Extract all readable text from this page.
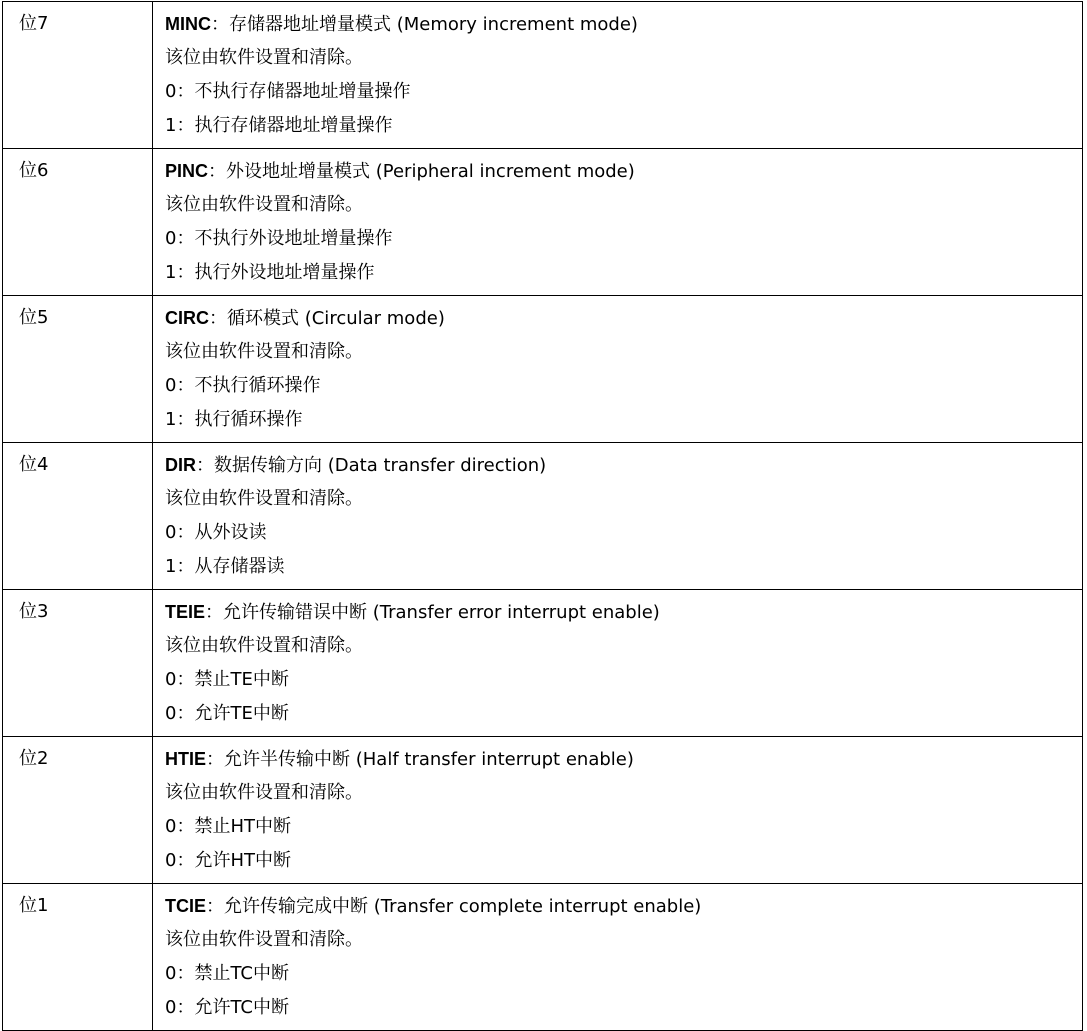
位7	MINC：存储器地址增量模式 (Memory increment mode)
该位由软件设置和清除。
0：不执行存储器地址增量操作
1：执行存储器地址增量操作

位6	PINC：外设地址增量模式 (Peripheral increment mode)
该位由软件设置和清除。
0：不执行外设地址增量操作
1：执行外设地址增量操作

位5	CIRC：循环模式 (Circular mode)
该位由软件设置和清除。
0：不执行循环操作
1：执行循环操作

位4	DIR：数据传输方向 (Data transfer direction)
该位由软件设置和清除。
0：从外设读
1：从存储器读

位3	TEIE：允许传输错误中断 (Transfer error interrupt enable)
该位由软件设置和清除。
0：禁止TE中断
0：允许TE中断

位2	HTIE：允许半传输中断 (Half transfer interrupt enable)
该位由软件设置和清除。
0：禁止HT中断
0：允许HT中断

位1	TCIE：允许传输完成中断 (Transfer complete interrupt enable)
该位由软件设置和清除。
0：禁止TC中断
0：允许TC中断
